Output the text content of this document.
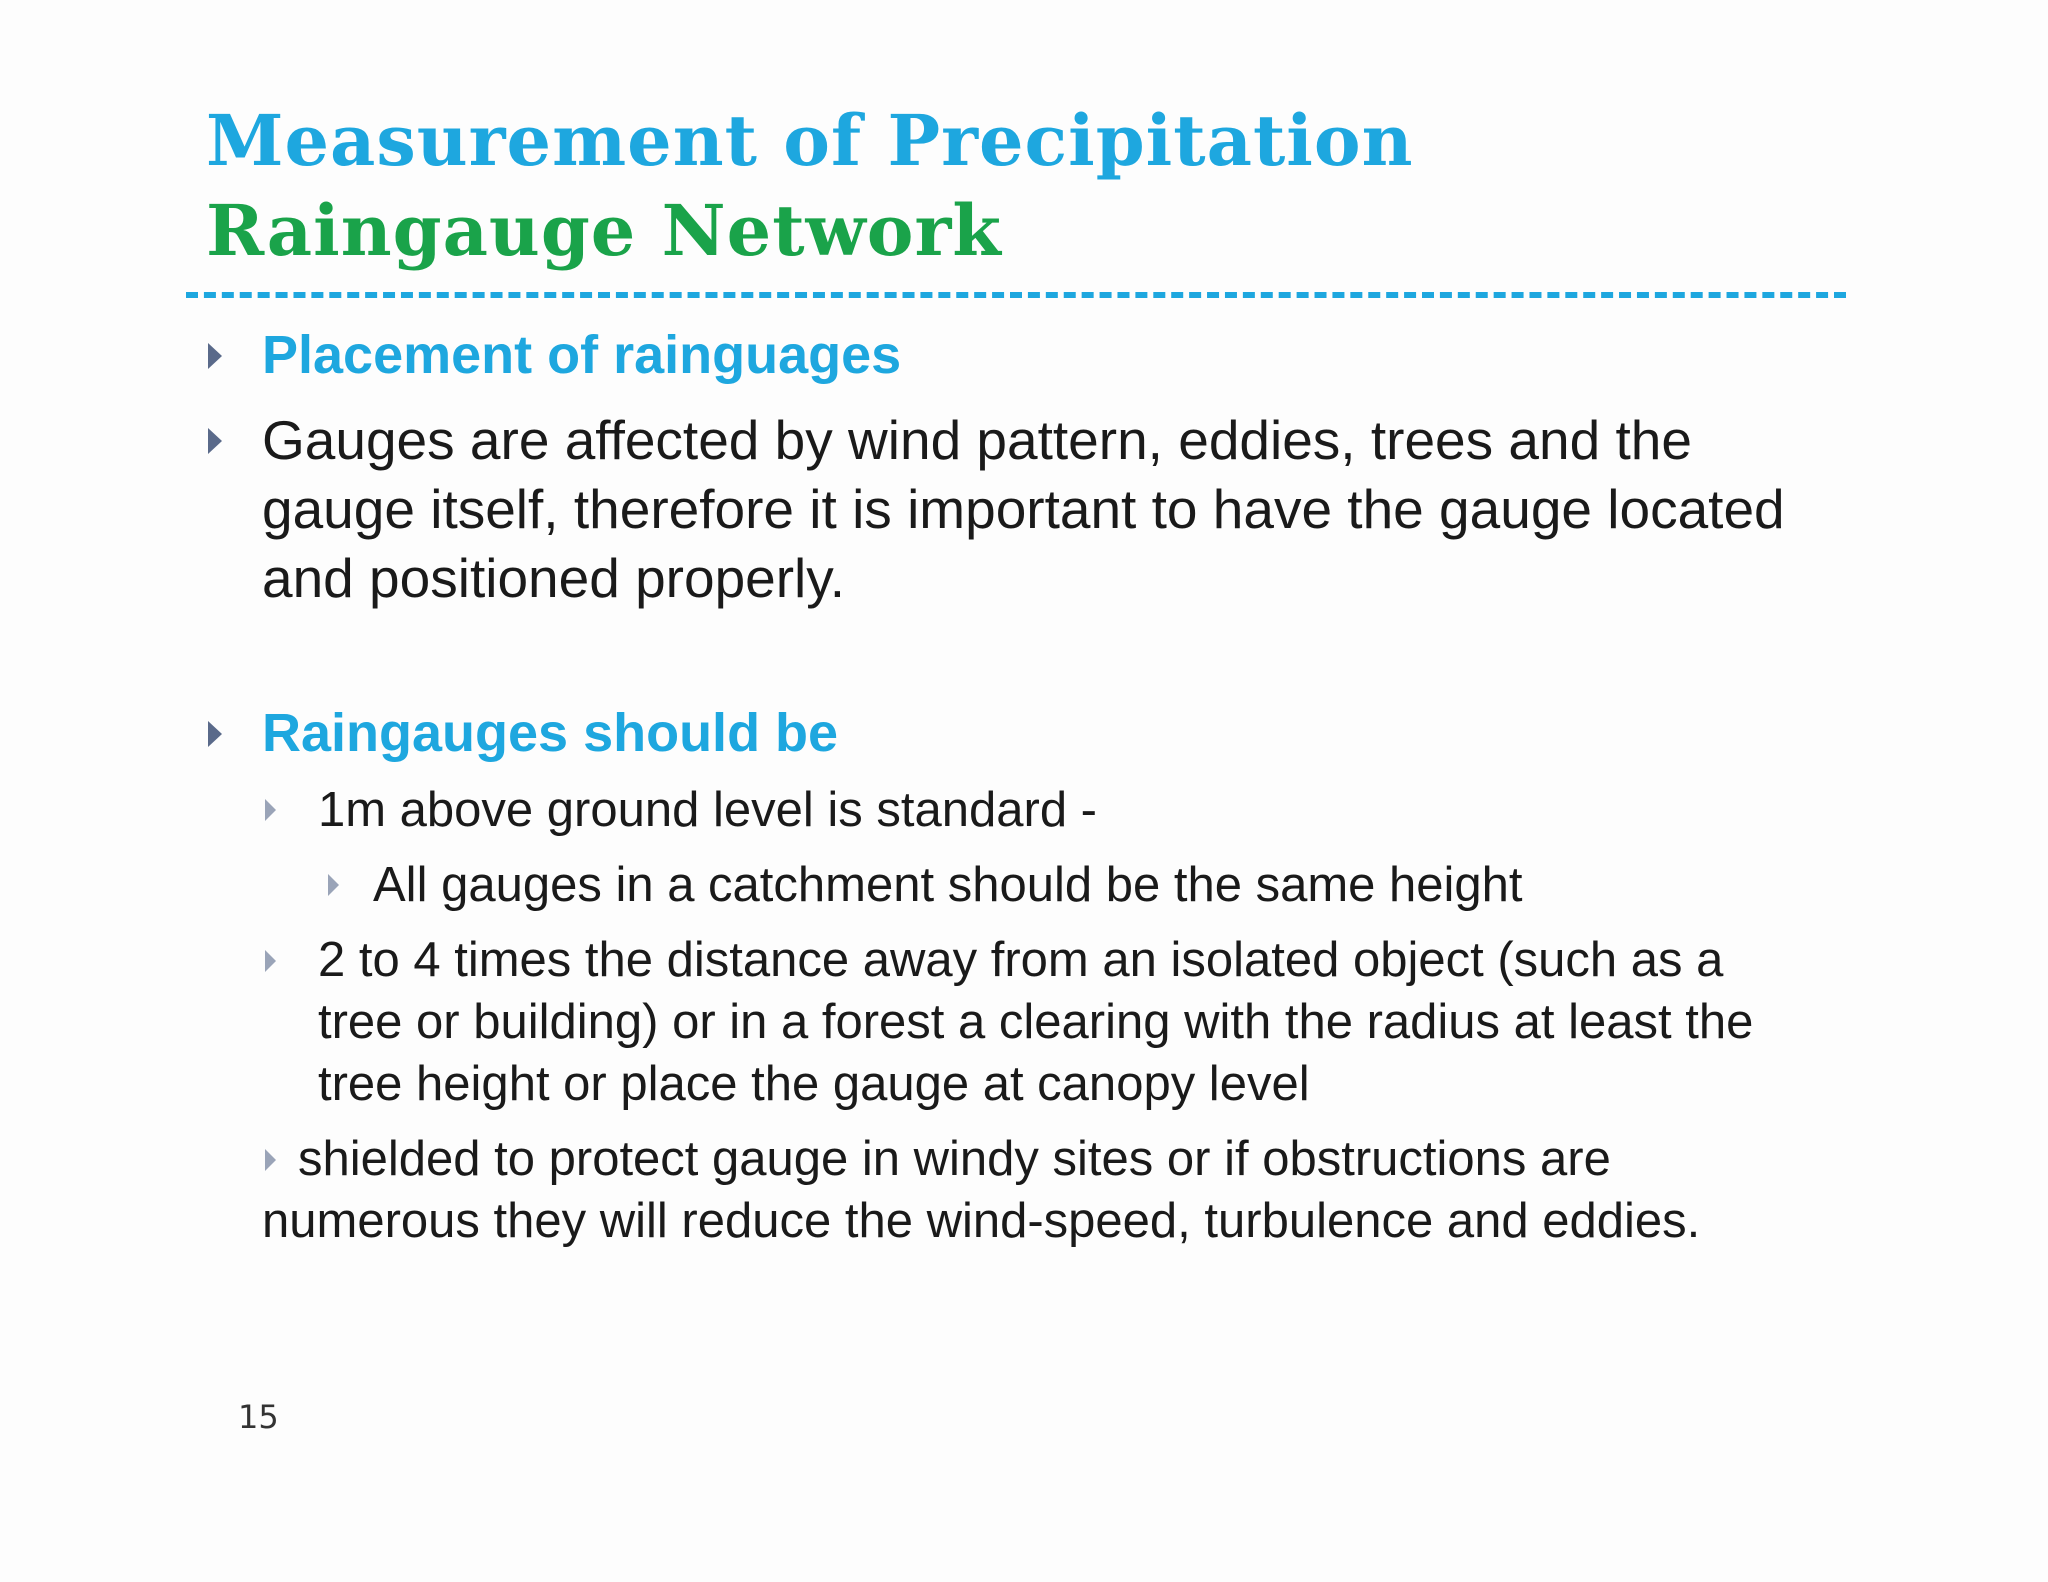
Measurement of Precipitation
Raingauge Network
Placement of rainguages
Gauges are affected by wind pattern, eddies, trees and the
gauge itself, therefore it is important to have the gauge located
and positioned properly.
Raingauges should be
1m above ground level is standard -
All gauges in a catchment should be the same height
2 to 4 times the distance away from an isolated object (such as a
tree or building) or in a forest a clearing with the radius at least the
tree height or place the gauge at canopy level
shielded to protect gauge in windy sites or if obstructions are
numerous they will reduce the wind-speed, turbulence and eddies.
15
